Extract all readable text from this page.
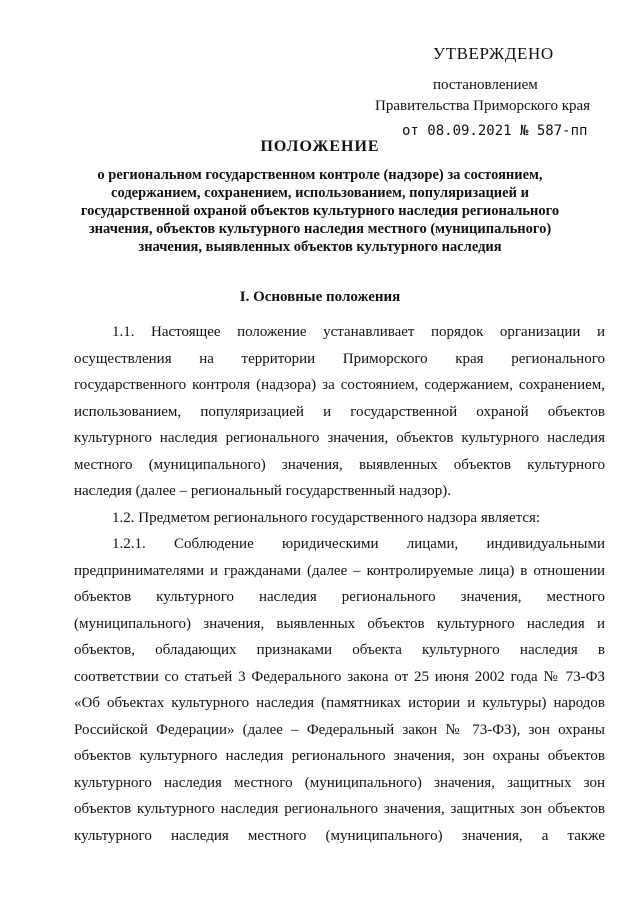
УТВЕРЖДЕНО
постановлением
Правительства Приморского края
от 08.09.2021 № 587-пп
ПОЛОЖЕНИЕ
о региональном государственном контроле (надзоре) за состоянием,
содержанием, сохранением, использованием, популяризацией и
государственной охраной объектов культурного наследия регионального
значения, объектов культурного наследия местного (муниципального)
значения, выявленных объектов культурного наследия
I. Основные положения
1.1. Настоящее положение устанавливает порядок организации и
осуществления на территории Приморского края регионального
государственного контроля (надзора) за состоянием, содержанием, сохранением,
использованием, популяризацией и государственной охраной объектов
культурного наследия регионального значения, объектов культурного наследия
местного (муниципального) значения, выявленных объектов культурного
наследия (далее – региональный государственный надзор).
1.2. Предметом регионального государственного надзора является:
1.2.1. Соблюдение юридическими лицами, индивидуальными
предпринимателями и гражданами (далее – контролируемые лица) в отношении
объектов культурного наследия регионального значения, местного
(муниципального) значения, выявленных объектов культурного наследия и
объектов, обладающих признаками объекта культурного наследия в
соответствии со статьей 3 Федерального закона от 25 июня 2002 года № 73-ФЗ
«Об объектах культурного наследия (памятниках истории и культуры) народов
Российской Федерации» (далее – Федеральный закон № 73-ФЗ), зон охраны
объектов культурного наследия регионального значения, зон охраны объектов
культурного наследия местного (муниципального) значения, защитных зон
объектов культурного наследия регионального значения, защитных зон объектов
культурного наследия местного (муниципального) значения, а также
